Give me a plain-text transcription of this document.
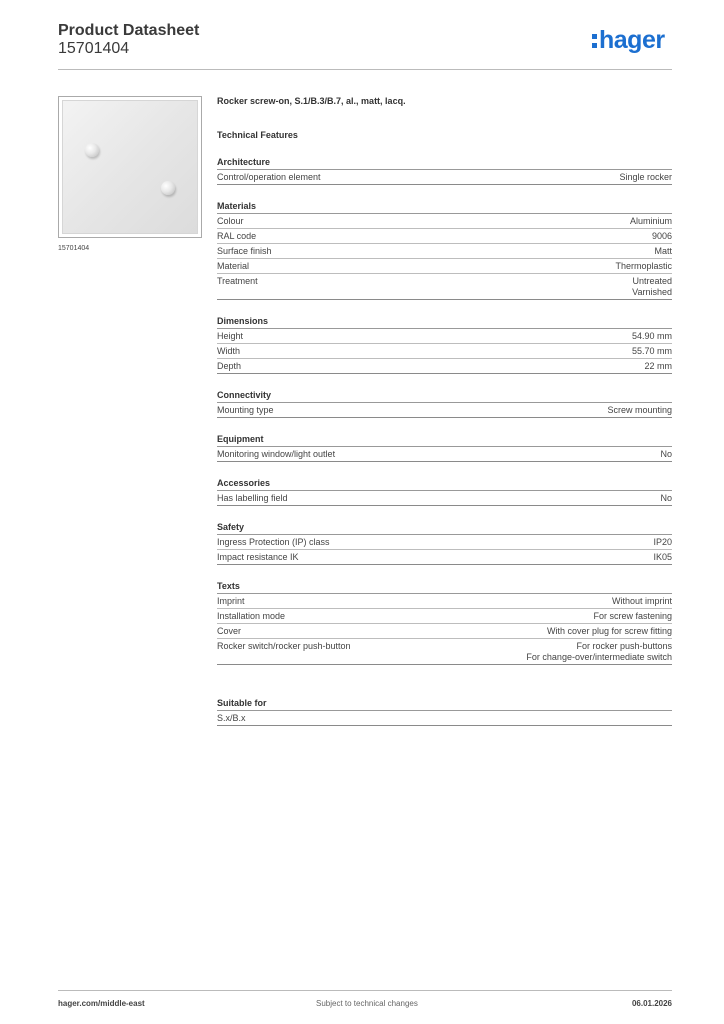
Product Datasheet
15701404	hager
15701404
Rocker screw-on, S.1/B.3/B.7, al., matt, lacq.
Technical Features
Architecture
Control/operation element	Single rocker
Materials
Colour	Aluminium
RAL code	9006
Surface finish	Matt
Material	Thermoplastic
Treatment	Untreated
Varnished
Dimensions
Height	54.90 mm
Width	55.70 mm
Depth	22 mm
Connectivity
Mounting type	Screw mounting
Equipment
Monitoring window/light outlet	No
Accessories
Has labelling field	No
Safety
Ingress Protection (IP) class	IP20
Impact resistance IK	IK05
Texts
Imprint	Without imprint
Installation mode	For screw fastening
Cover	With cover plug for screw fitting
Rocker switch/rocker push-button	For rocker push-buttons
For change-over/intermediate switch
Suitable for
S.x/B.x
hager.com/middle-east	Subject to technical changes	06.01.2026
